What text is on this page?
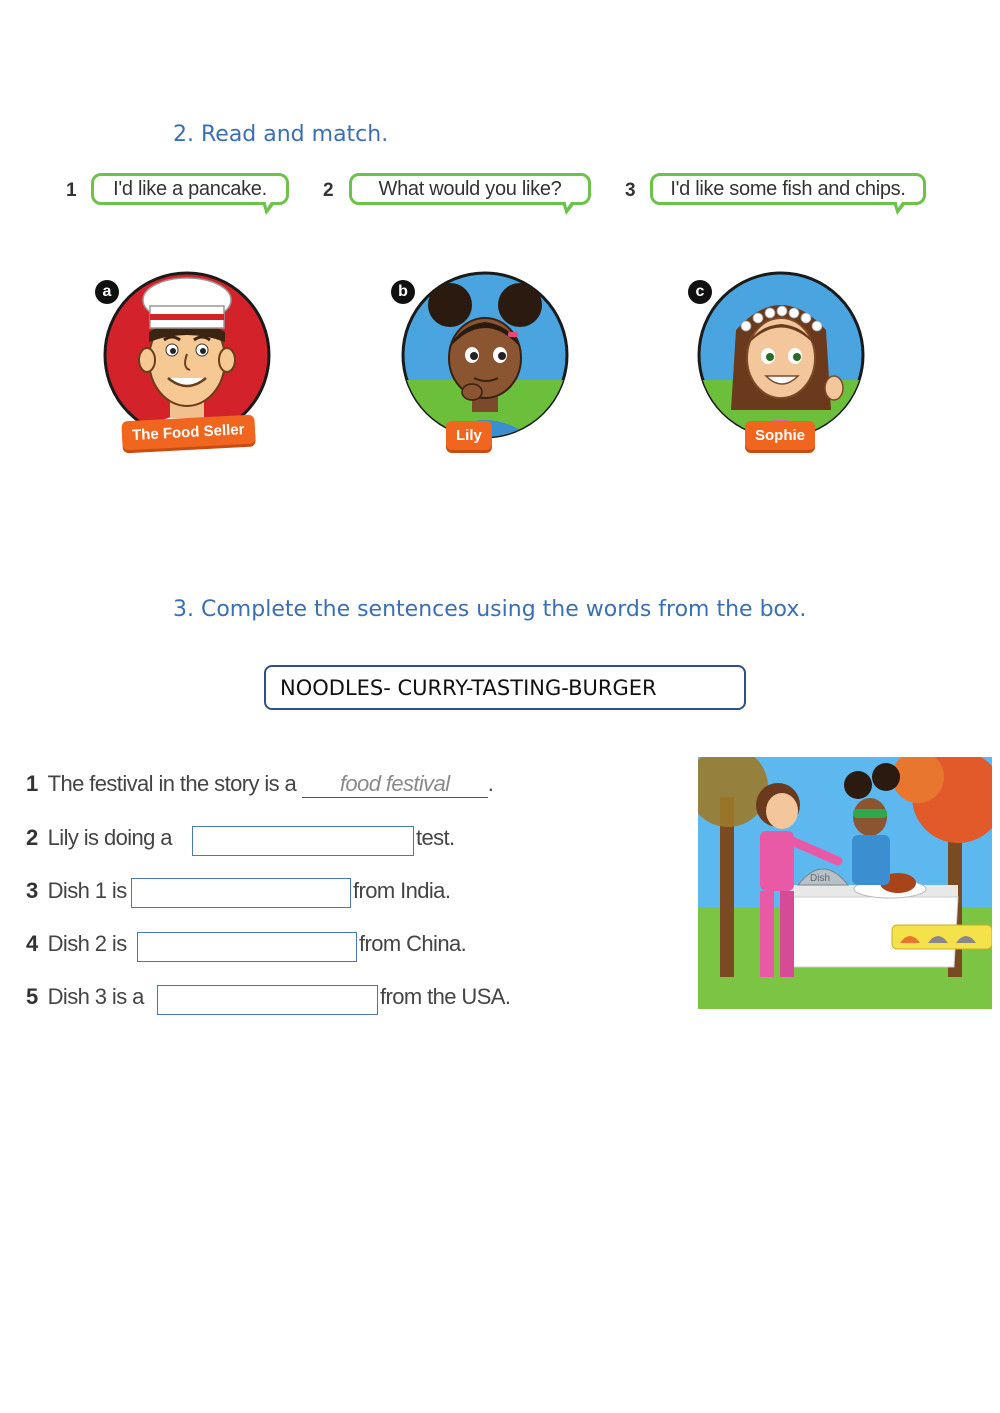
2. Read and match.
1 I'd like a pancake.	2 What would you like?	3 I'd like some fish and chips.
a
The Food Seller
b
Lily
c
Sophie
3. Complete the sentences using the words from the box.
NOODLES- CURRY-TASTING-BURGER
1 The festival in the story is a food festival .
2 Lily is doing a	test.
3 Dish 1 is	from India.
4 Dish 2 is	from China.
5 Dish 3 is a	from the USA.
Dish
